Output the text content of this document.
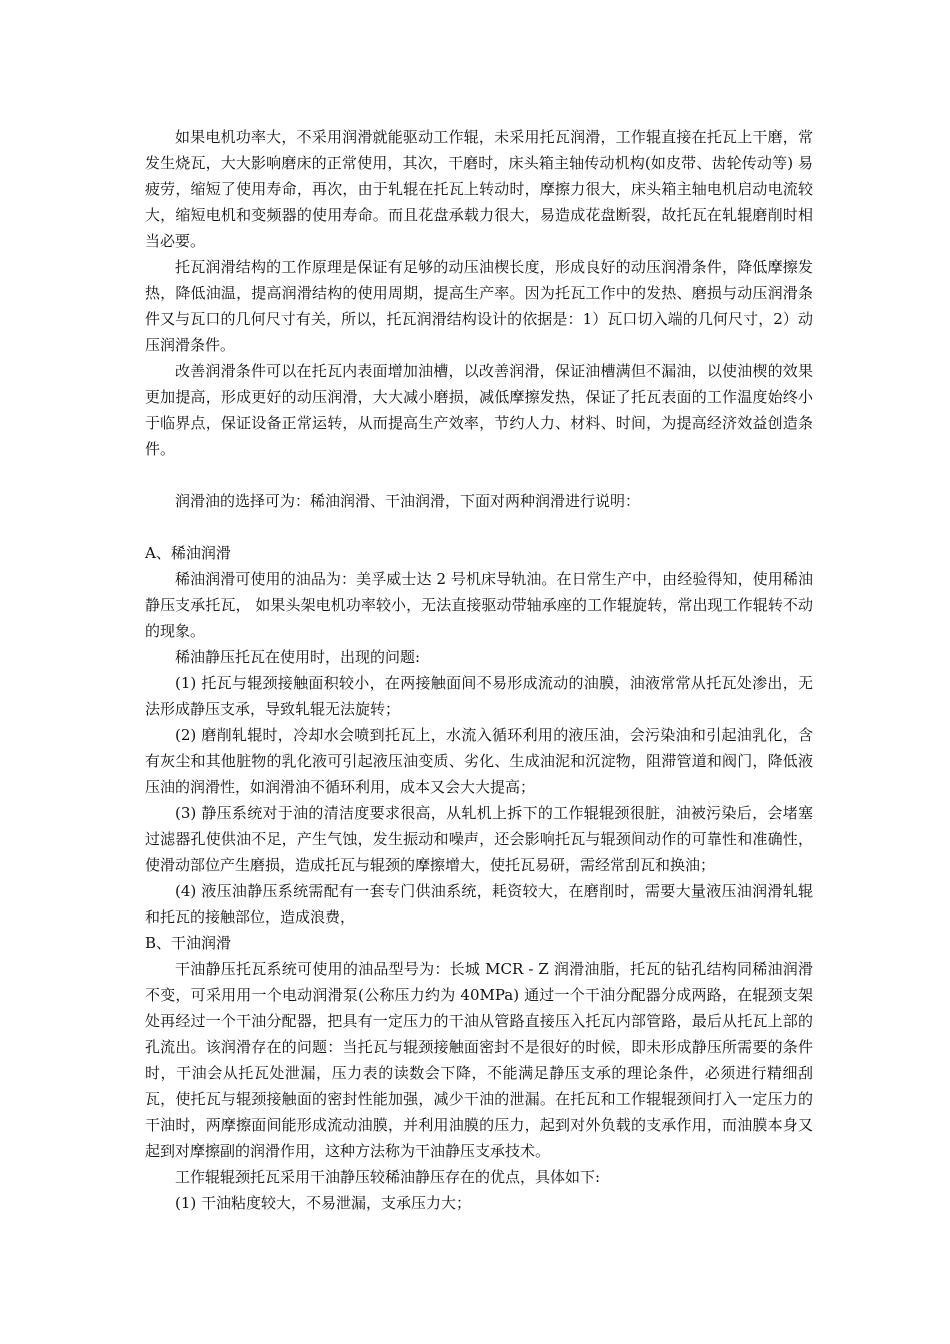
如果电机功率大，不采用润滑就能驱动工作辊，未采用托瓦润滑，工作辊直接在托瓦上干磨，常发生烧瓦，大大影响磨床的正常使用，其次，干磨时，床头箱主轴传动机构(如皮带、齿轮传动等) 易疲劳，缩短了使用寿命，再次，由于轧辊在托瓦上转动时，摩擦力很大，床头箱主轴电机启动电流较大，缩短电机和变频器的使用寿命。而且花盘承载力很大，易造成花盘断裂，故托瓦在轧辊磨削时相当必要。

托瓦润滑结构的工作原理是保证有足够的动压油楔长度，形成良好的动压润滑条件，降低摩擦发热，降低油温，提高润滑结构的使用周期，提高生产率。因为托瓦工作中的发热、磨损与动压润滑条件又与瓦口的几何尺寸有关，所以，托瓦润滑结构设计的依据是：1）瓦口切入端的几何尺寸，2）动压润滑条件。

改善润滑条件可以在托瓦内表面增加油槽，以改善润滑，保证油槽满但不漏油，以使油楔的效果更加提高，形成更好的动压润滑，大大减小磨损，减低摩擦发热，保证了托瓦表面的工作温度始终小于临界点，保证设备正常运转，从而提高生产效率，节约人力、材料、时间，为提高经济效益创造条件。

润滑油的选择可为：稀油润滑、干油润滑，下面对两种润滑进行说明：

A、稀油润滑

稀油润滑可使用的油品为：美孚威士达 2 号机床导轨油。在日常生产中，由经验得知，使用稀油静压支承托瓦， 如果头架电机功率较小，无法直接驱动带轴承座的工作辊旋转，常出现工作辊转不动的现象。

稀油静压托瓦在使用时，出现的问题:

(1) 托瓦与辊颈接触面积较小，在两接触面间不易形成流动的油膜，油液常常从托瓦处渗出，无法形成静压支承，导致轧辊无法旋转；

(2) 磨削轧辊时，冷却水会喷到托瓦上，水流入循环利用的液压油，会污染油和引起油乳化，含有灰尘和其他脏物的乳化液可引起液压油变质、劣化、生成油泥和沉淀物，阻滞管道和阀门，降低液压油的润滑性，如润滑油不循环利用，成本又会大大提高；

(3) 静压系统对于油的清洁度要求很高，从轧机上拆下的工作辊辊颈很脏，油被污染后，会堵塞过滤器孔使供油不足，产生气蚀，发生振动和噪声，还会影响托瓦与辊颈间动作的可靠性和准确性，使滑动部位产生磨损，造成托瓦与辊颈的摩擦增大，使托瓦易研，需经常刮瓦和换油；

(4) 液压油静压系统需配有一套专门供油系统，耗资较大，在磨削时，需要大量液压油润滑轧辊和托瓦的接触部位，造成浪费，

B、干油润滑

干油静压托瓦系统可使用的油品型号为：长城 MCR - Z 润滑油脂，托瓦的钻孔结构同稀油润滑不变，可采用用一个电动润滑泵(公称压力约为 40MPa) 通过一个干油分配器分成两路，在辊颈支架处再经过一个干油分配器，把具有一定压力的干油从管路直接压入托瓦内部管路，最后从托瓦上部的孔流出。该润滑存在的问题：当托瓦与辊颈接触面密封不是很好的时候，即未形成静压所需要的条件时，干油会从托瓦处泄漏，压力表的读数会下降，不能满足静压支承的理论条件，必须进行精细刮瓦，使托瓦与辊颈接触面的密封性能加强，减少干油的泄漏。在托瓦和工作辊辊颈间打入一定压力的干油时，两摩擦面间能形成流动油膜，并利用油膜的压力，起到对外负载的支承作用，而油膜本身又起到对摩擦副的润滑作用，这种方法称为干油静压支承技术。

工作辊辊颈托瓦采用干油静压较稀油静压存在的优点，具体如下:

(1) 干油粘度较大，不易泄漏，支承压力大；
